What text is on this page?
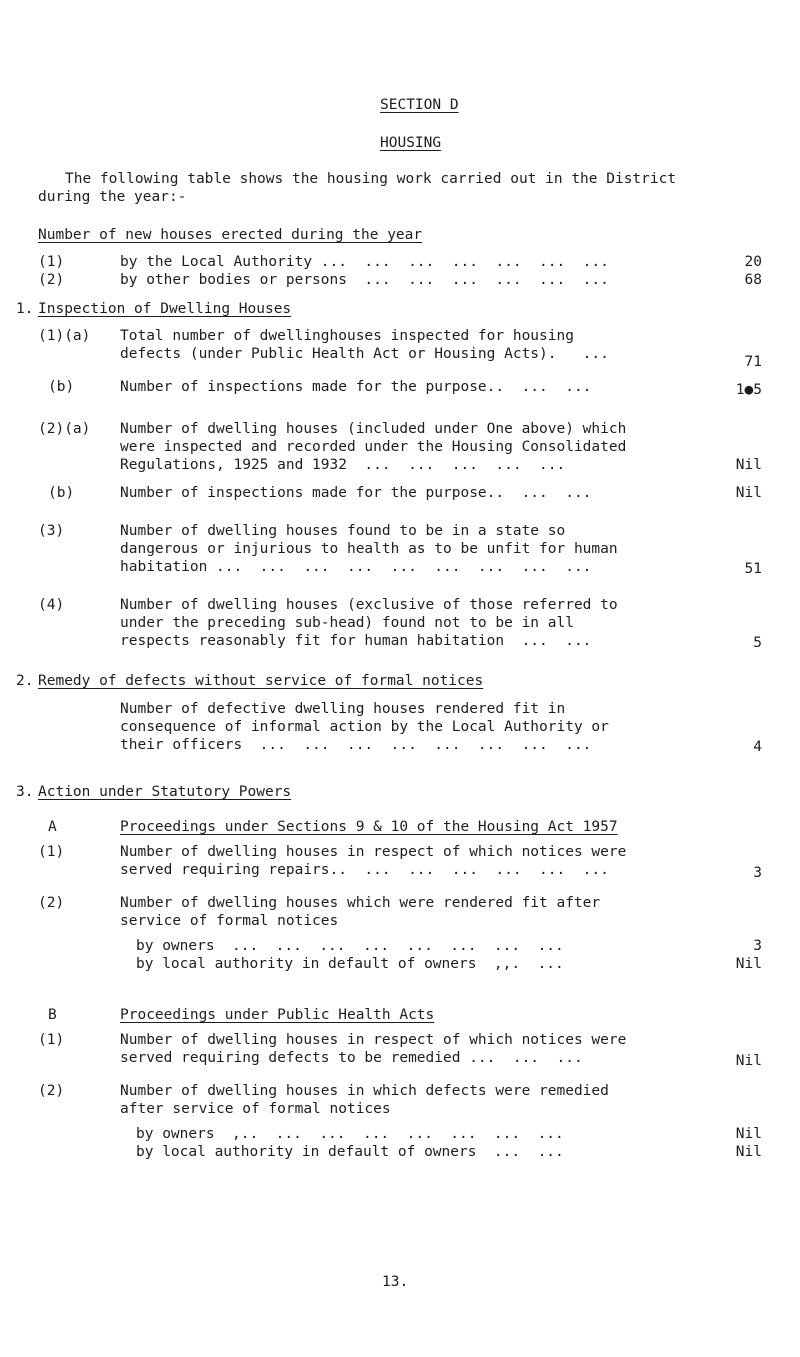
SECTION D
HOUSING
The following table shows the housing work carried out in the District
during the year:-
Number of new houses erected during the year
(1)	by the Local Authority ...  ...  ...  ...  ...  ...  ...	20
(2)	by other bodies or persons  ...  ...  ...  ...  ...  ...	68
1. Inspection of Dwelling Houses
(1)(a) Total number of dwellinghouses inspected for housing
defects (under Public Health Act or Housing Acts).   ...	71
(b)	Number of inspections made for the purpose..  ...  ...	1●5
(2)(a) Number of dwelling houses (included under One above) which
were inspected and recorded under the Housing Consolidated
Regulations, 1925 and 1932  ...  ...  ...  ...  ...	Nil
(b)	Number of inspections made for the purpose..  ...  ...	Nil
(3)	Number of dwelling houses found to be in a state so
dangerous or injurious to health as to be unfit for human
habitation ...  ...  ...  ...  ...  ...  ...  ...  ...	51
(4)	Number of dwelling houses (exclusive of those referred to
under the preceding sub-head) found not to be in all
respects reasonably fit for human habitation  ...  ...	5
2. Remedy of defects without service of formal notices
Number of defective dwelling houses rendered fit in
consequence of informal action by the Local Authority or
their officers  ...  ...  ...  ...  ...  ...  ...  ...	4
3. Action under Statutory Powers
A	Proceedings under Sections 9 & 10 of the Housing Act 1957
(1)	Number of dwelling houses in respect of which notices were
served requiring repairs..  ...  ...  ...  ...  ...  ...	3
(2)	Number of dwelling houses which were rendered fit after
service of formal notices
by owners  ...  ...  ...  ...  ...  ...  ...  ...	3
by local authority in default of owners  ,,.  ...	Nil
B	Proceedings under Public Health Acts
(1)	Number of dwelling houses in respect of which notices were
served requiring defects to be remedied ...  ...  ...	Nil
(2)	Number of dwelling houses in which defects were remedied
after service of formal notices
by owners  ,..  ...  ...  ...  ...  ...  ...  ...	Nil
by local authority in default of owners  ...  ...	Nil
13.
